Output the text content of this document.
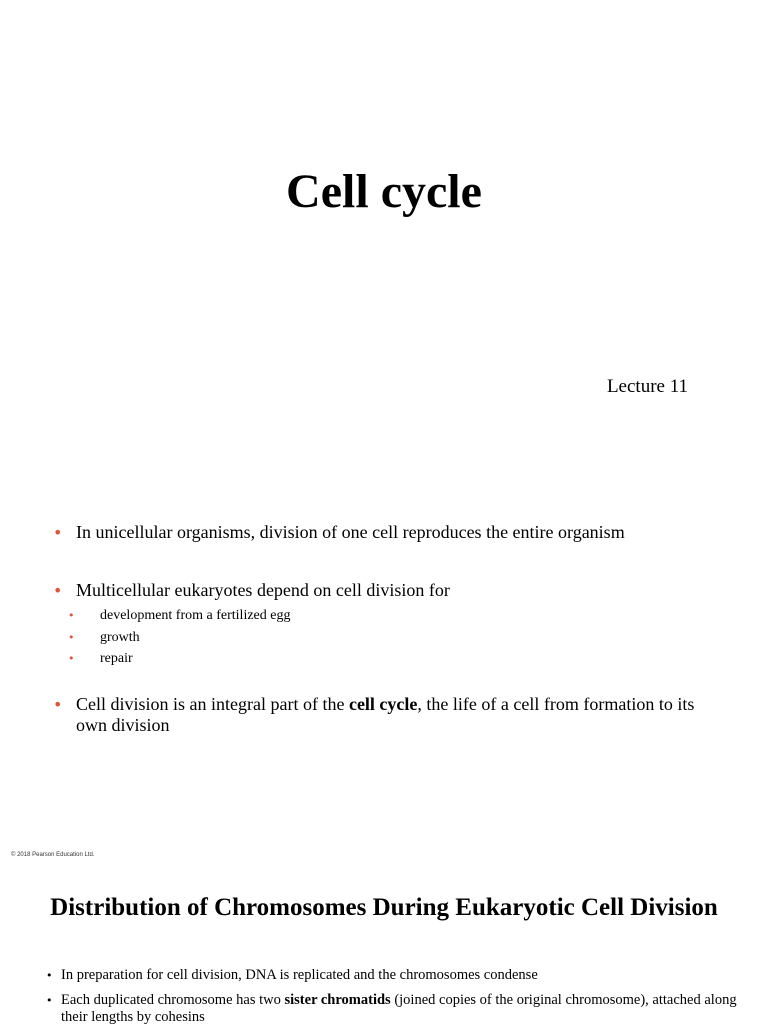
Cell cycle
Lecture 11
• In unicellular organisms, division of one cell reproduces the entire organism
• Multicellular eukaryotes depend on cell division for
• development from a fertilized egg
• growth
• repair
• Cell division is an integral part of the cell cycle, the life of a cell from formation to its own division
© 2018 Pearson Education Ltd.
Distribution of Chromosomes During Eukaryotic Cell Division
• In preparation for cell division, DNA is replicated and the chromosomes condense
• Each duplicated chromosome has two sister chromatids (joined copies of the original chromosome), attached along their lengths by cohesins
